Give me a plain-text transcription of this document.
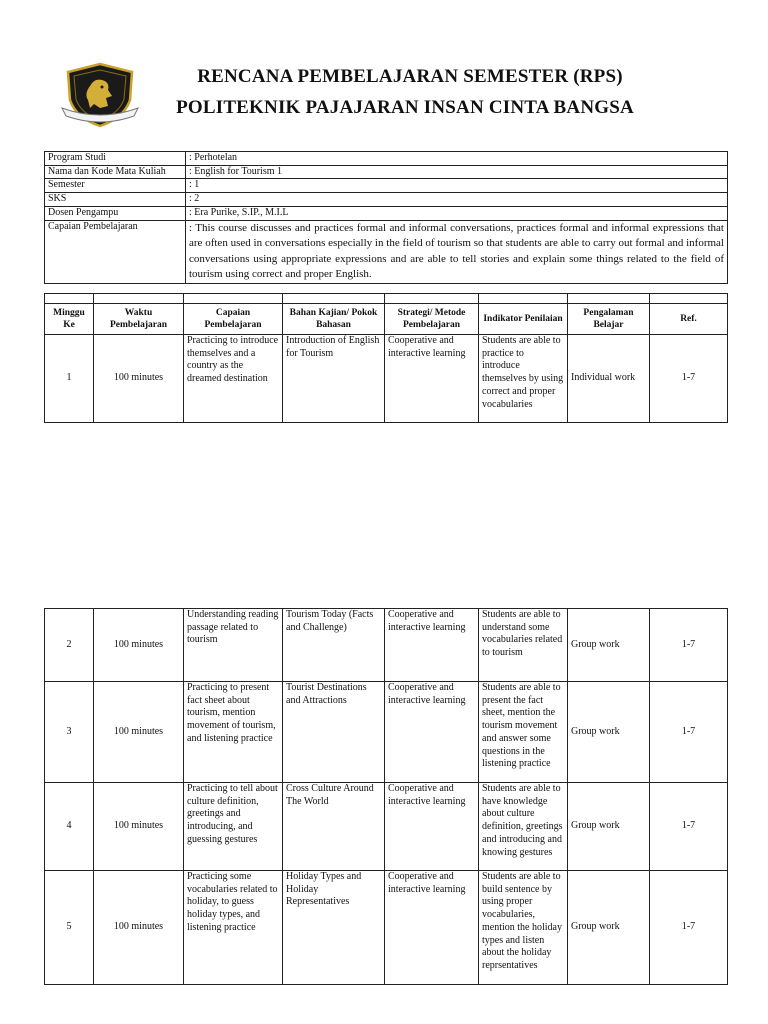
RENCANA PEMBELAJARAN SEMESTER (RPS)
POLITEKNIK PAJAJARAN INSAN CINTA BANGSA
Program Studi	: Perhotelan
Nama dan Kode Mata Kuliah	: English for Tourism 1
Semester	: 1
SKS	: 2
Dosen Pengampu	: Era Purike, S.IP., M.I.L
Capaian Pembelajaran	: This course discusses and practices formal and informal conversations, practices formal and informal expressions that are often used in conversations especially in the field of tourism so that students are able to carry out formal and informal conversations using appropriate expressions and are able to tell stories and explain some things related to the field of tourism using correct and proper English.

Minggu Ke	Waktu Pembelajaran	Capaian Pembelajaran	Bahan Kajian/ Pokok Bahasan	Strategi/ Metode Pembelajaran	Indikator Penilaian	Pengalaman Belajar	Ref.
1	100 minutes	Practicing to introduce themselves and a country as the dreamed destination	Introduction of English for Tourism	Cooperative and interactive learning	Students are able to practice to introduce themselves by using correct and proper vocabularies	Individual work	1-7
2	100 minutes	Understanding reading passage related to tourism	Tourism Today (Facts and Challenge)	Cooperative and interactive learning	Students are able to understand some vocabularies related to tourism	Group work	1-7
3	100 minutes	Practicing to present fact sheet about tourism, mention movement of tourism, and listening practice	Tourist Destinations and Attractions	Cooperative and interactive learning	Students are able to present the fact sheet, mention the tourism movement and answer some questions in the listening practice	Group work	1-7
4	100 minutes	Practicing to tell about culture definition, greetings and introducing, and guessing gestures	Cross Culture Around The World	Cooperative and interactive learning	Students are able to have knowledge about culture definition, greetings and introducing and knowing gestures	Group work	1-7
5	100 minutes	Practicing some vocabularies related to holiday, to guess holiday types, and listening practice	Holiday Types and Holiday Representatives	Cooperative and interactive learning	Students are able to build sentence by using proper vocabularies, mention the holiday types and listen about the holiday reprsentatives	Group work	1-7
